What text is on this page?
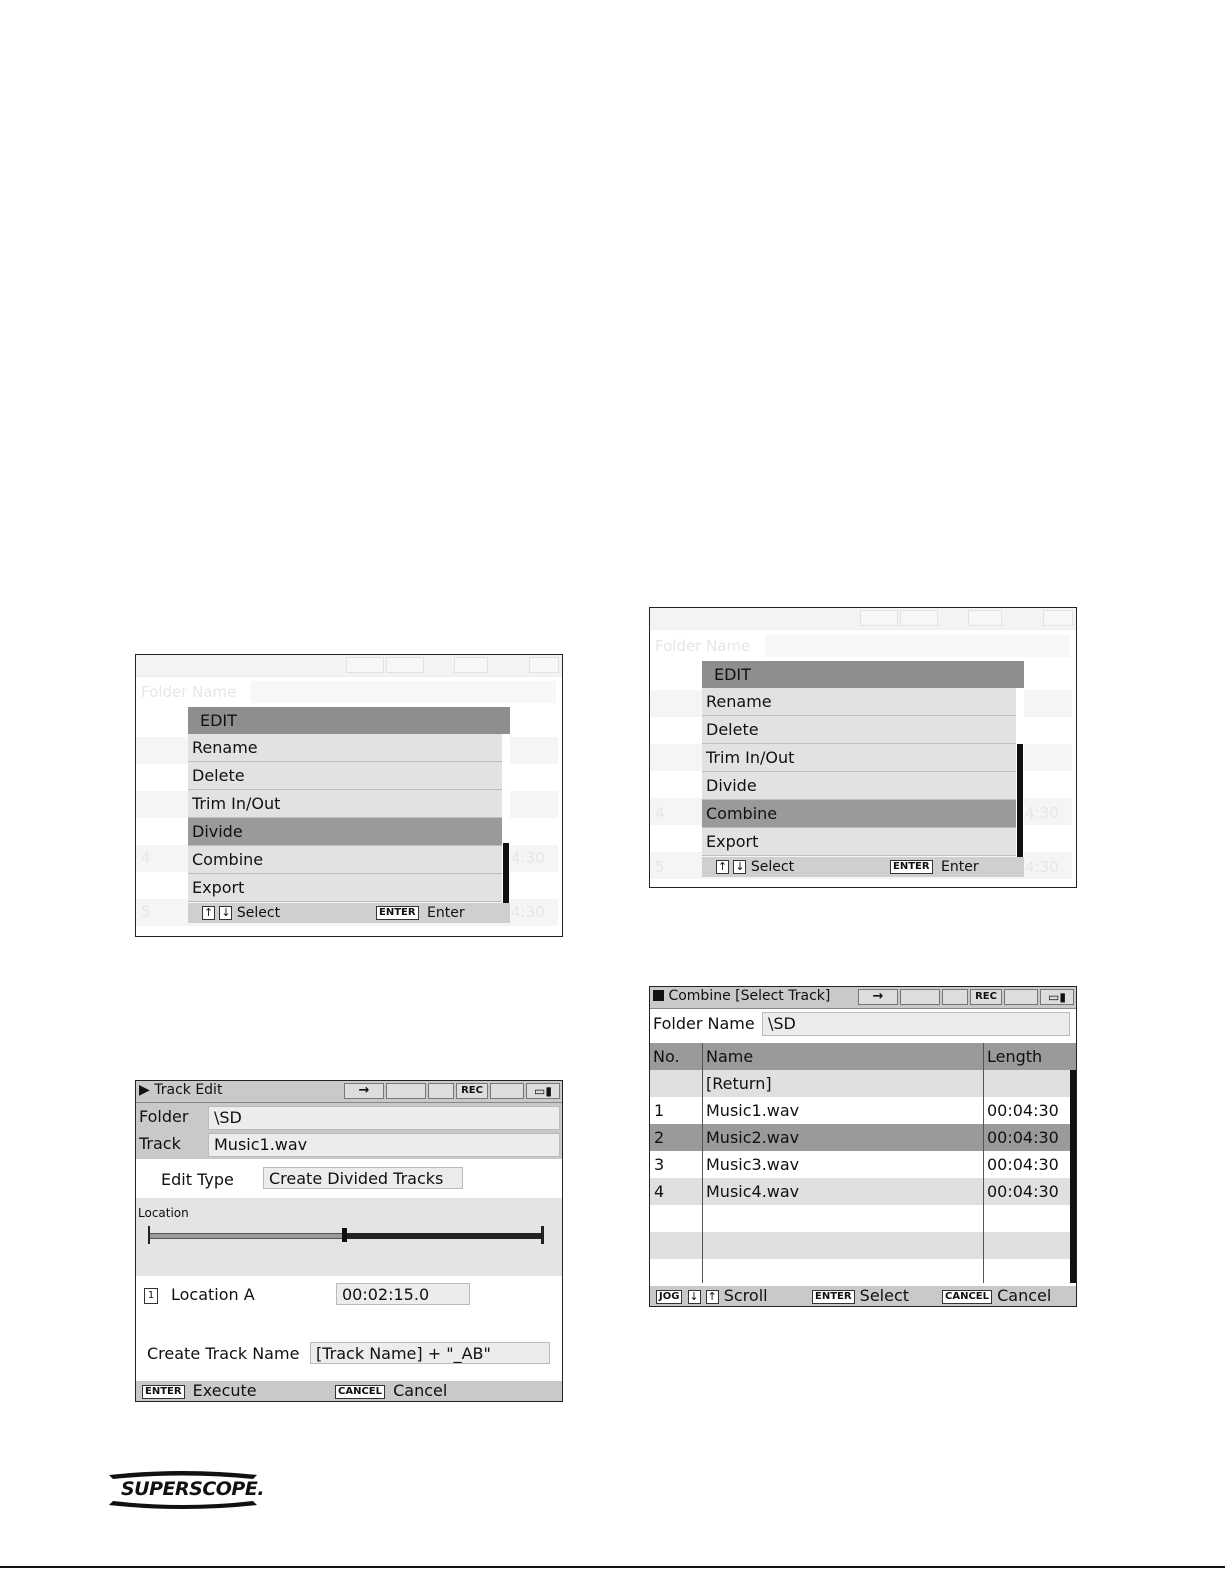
Folder Name
4	4:30
5	4:30
EDIT
Rename
Delete
Trim In/Out
Divide
Combine
Export
↑ ↓ Select	ENTER Enter
Folder Name
4	4:30
5	4:30
EDIT
Rename
Delete
Trim In/Out
Divide
Combine
Export
↑ ↓ Select	ENTER Enter
▶ Track Edit	→	REC	▭▮
Folder	\SD
Track	Music1.wav
Edit Type	Create Divided Tracks
Location
1 Location A	00:02:15.0
Create Track Name	[Track Name] + "_AB"
ENTER Execute	CANCEL Cancel
Combine [Select Track]	→	REC	▭▮
Folder Name \SD
No. Name	Length
[Return]
1	Music1.wav	00:04:30
2	Music2.wav	00:04:30
3	Music3.wav	00:04:30
4	Music4.wav	00:04:30
JOG ↓ ↑ Scroll	ENTER Select	CANCEL Cancel
SUPERSCOPE.
